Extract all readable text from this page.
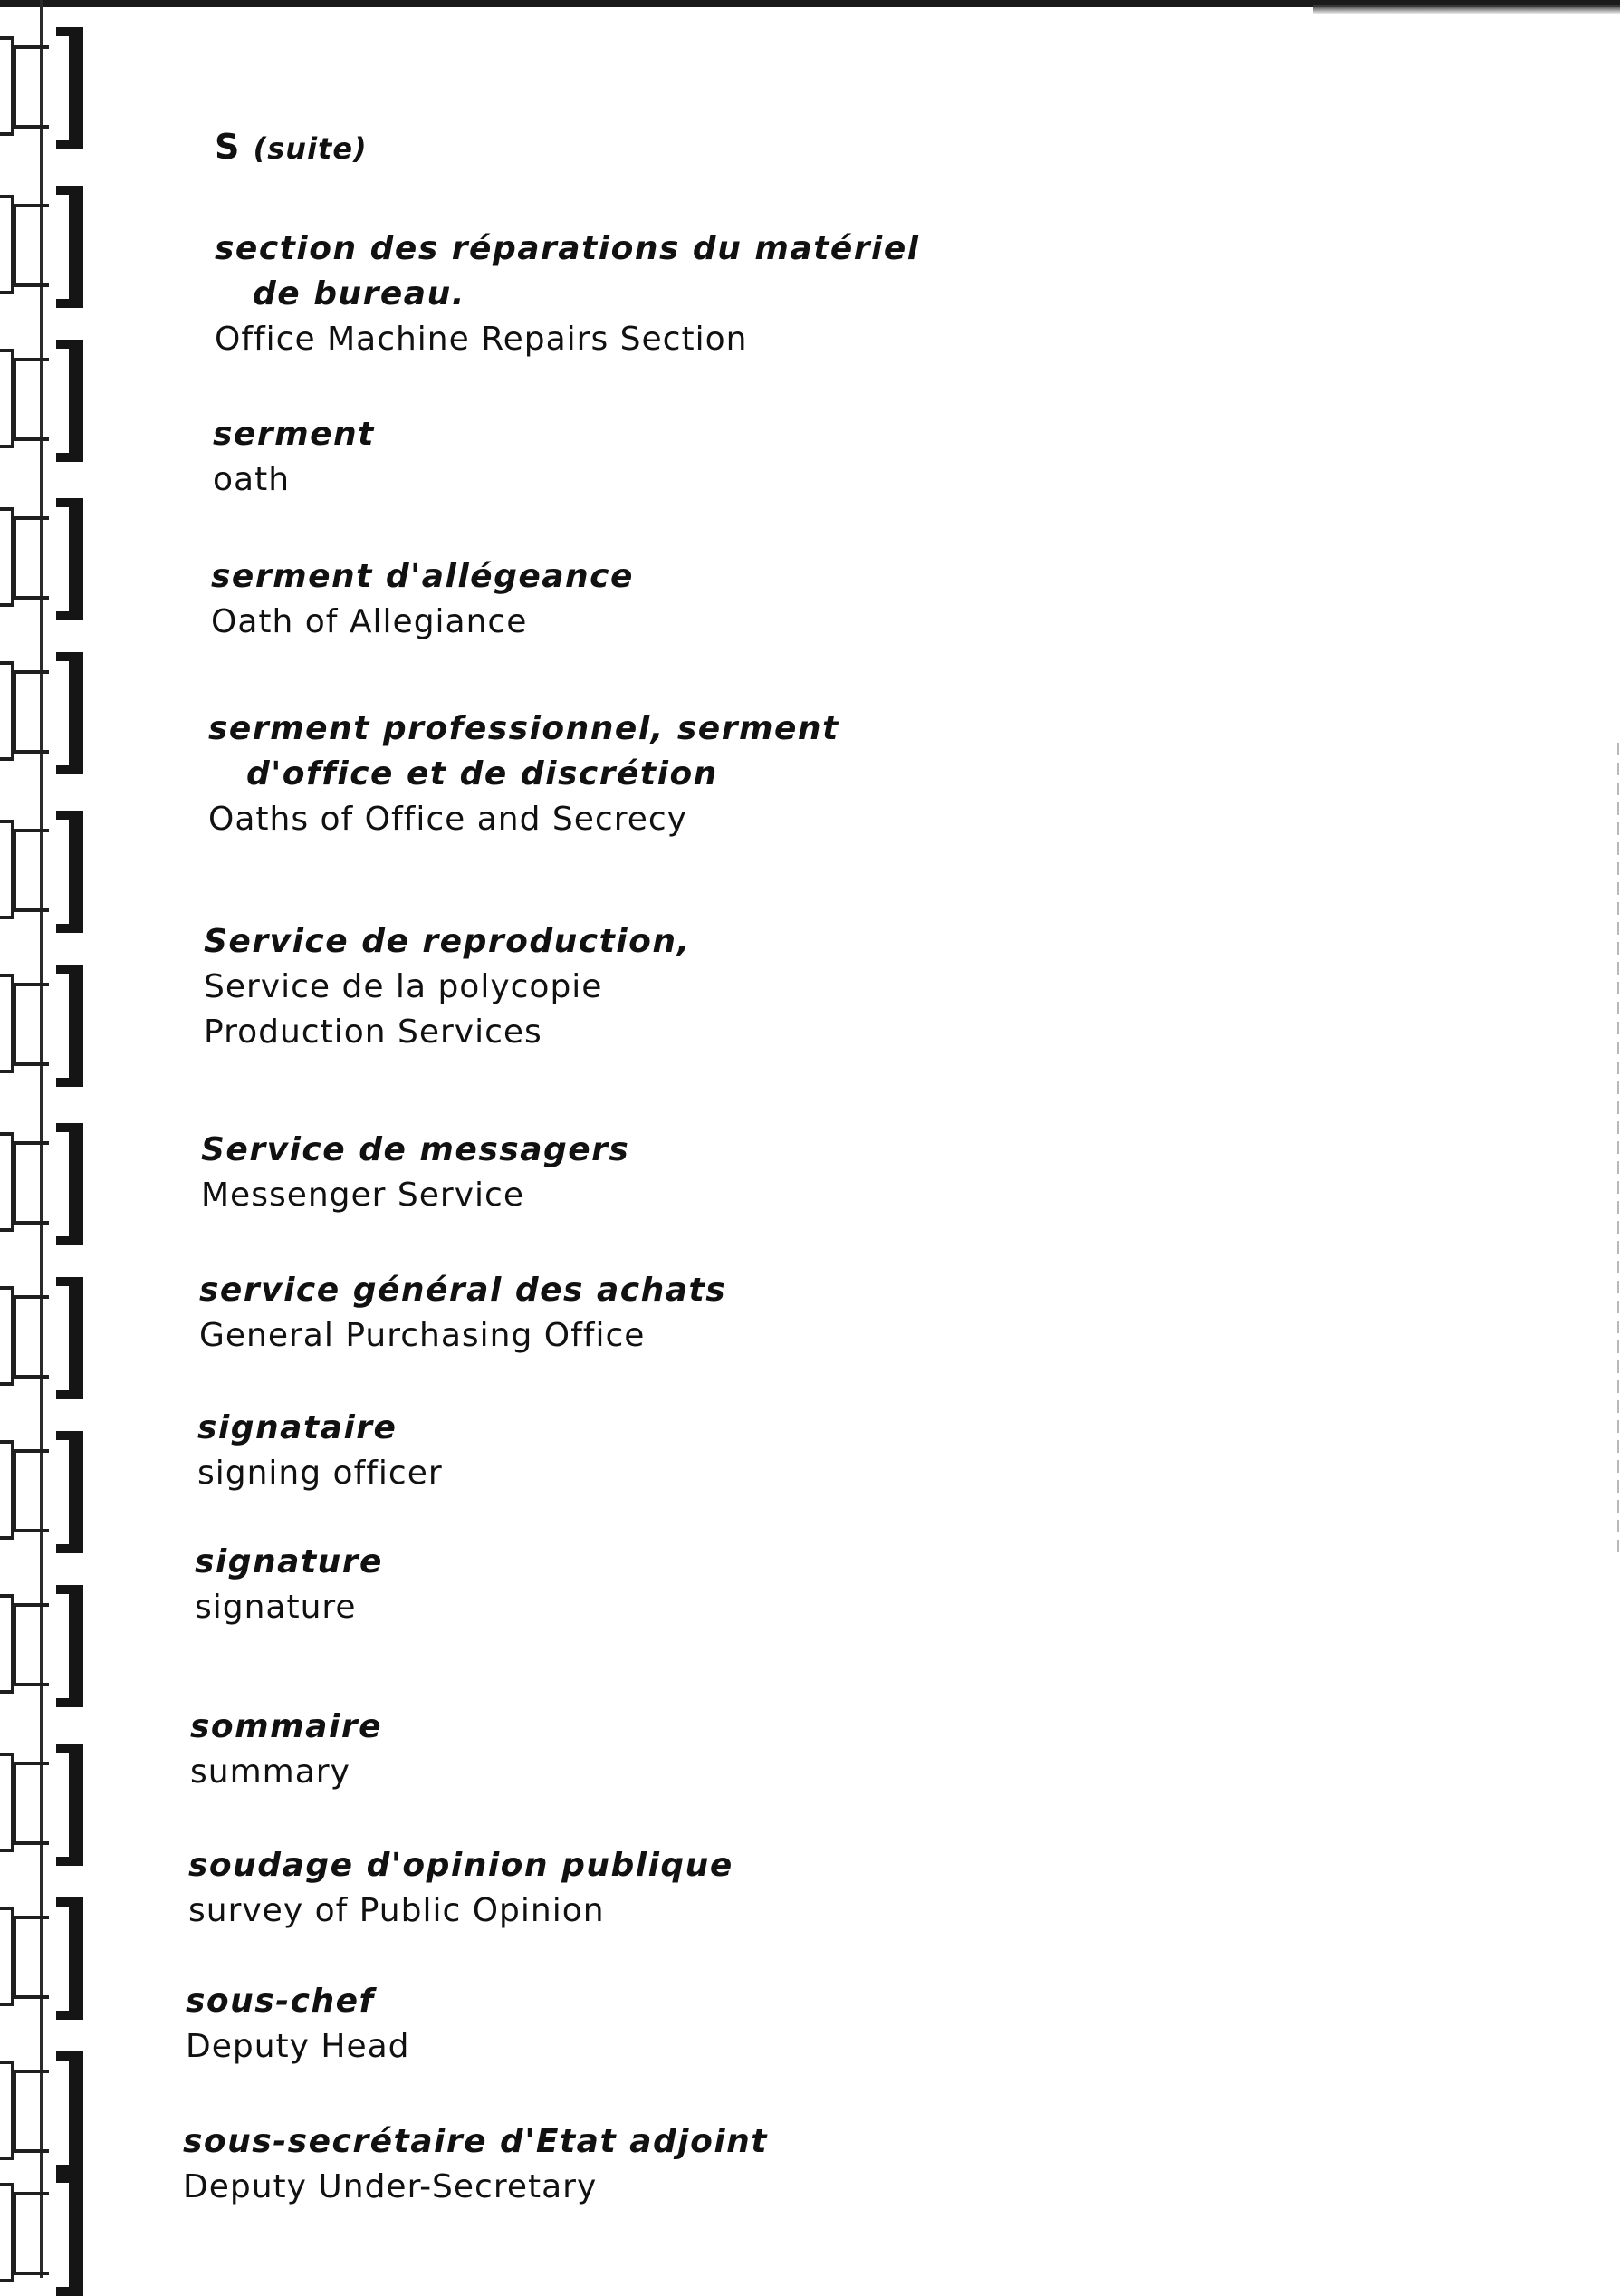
S (suite)
section des réparations du matériel
de bureau.
Office Machine Repairs Section
serment
oath
serment d'allégeance
Oath of Allegiance
serment professionnel, serment
d'office et de discrétion
Oaths of Office and Secrecy
Service de reproduction,
Service de la polycopie
Production Services
Service de messagers
Messenger Service
service général des achats
General Purchasing Office
signataire
signing officer
signature
signature
sommaire
summary
soudage d'opinion publique
survey of Public Opinion
sous-chef
Deputy Head
sous-secrétaire d'Etat adjoint
Deputy Under-Secretary
